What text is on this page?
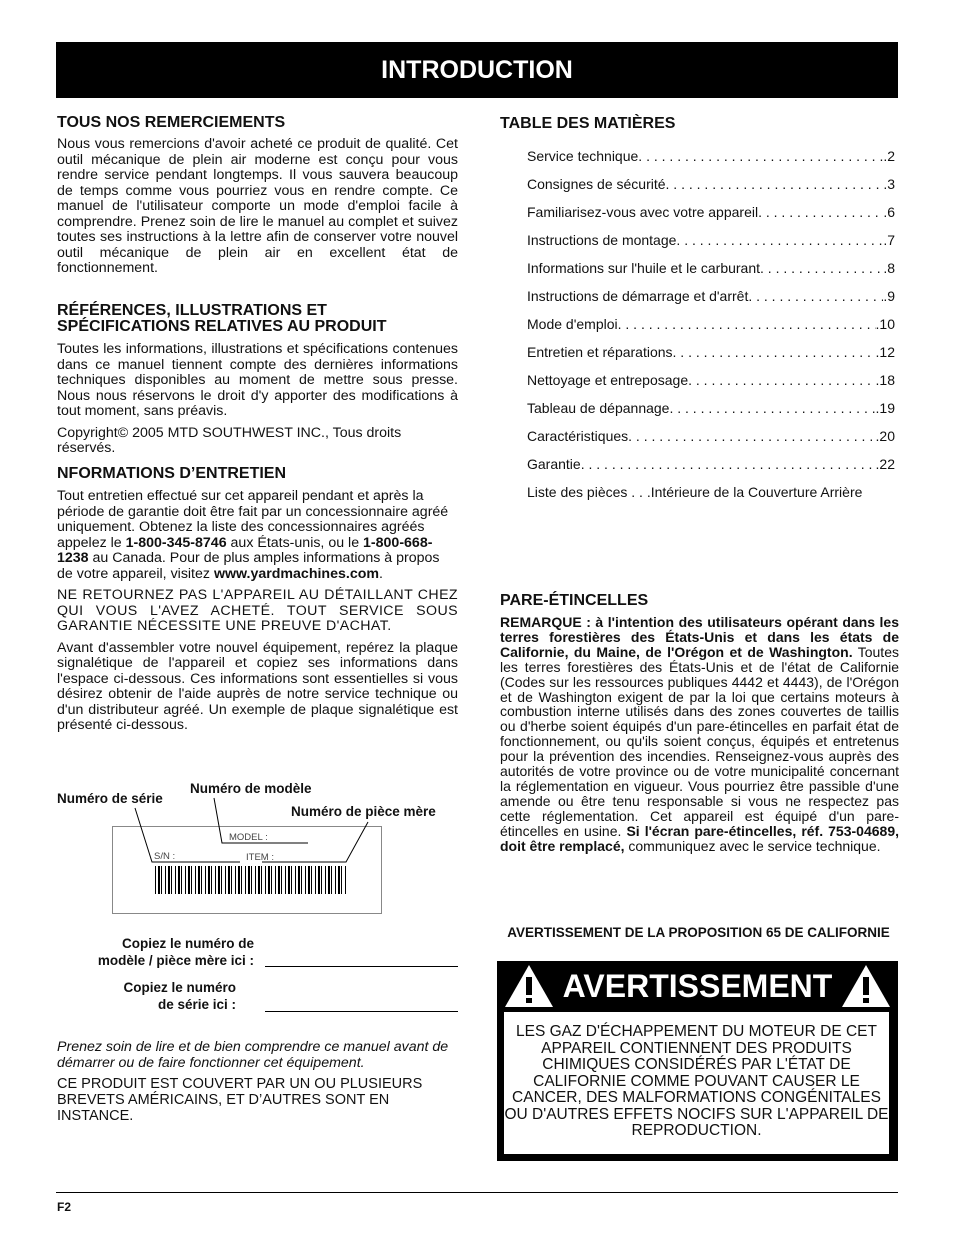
INTRODUCTION
TOUS NOS REMERCIEMENTS

Nous vous remercions d'avoir acheté ce produit de qualité. Cet outil mécanique de plein air moderne est conçu pour vous rendre service pendant longtemps. Il vous sauvera beaucoup de temps comme vous pourriez vous en rendre compte. Ce manuel de l'utilisateur comporte un mode d'emploi facile à comprendre. Prenez soin de lire le manuel au complet et suivez toutes ses instructions à la lettre afin de conserver votre nouvel outil mécanique de plein air en excellent état de fonctionnement.

RÉFÉRENCES, ILLUSTRATIONS ET SPÉCIFICATIONS RELATIVES AU PRODUIT

Toutes les informations, illustrations et spécifications contenues dans ce manuel tiennent compte des dernières informations techniques disponibles au moment de mettre sous presse. Nous nous réservons le droit d'y apporter des modifications à tout moment, sans préavis.

Copyright© 2005 MTD SOUTHWEST INC., Tous droits réservés.

NFORMATIONS D’ENTRETIEN

Tout entretien effectué sur cet appareil pendant et après la période de garantie doit être fait par un concessionnaire agréé uniquement. Obtenez la liste des concessionnaires agréés appelez le 1-800-345-8746 aux États-unis, ou le 1-800-668-1238 au Canada. Pour de plus amples informations à propos de votre appareil, visitez www.yardmachines.com.

NE RETOURNEZ PAS L'APPAREIL AU DÉTAILLANT CHEZ QUI VOUS L'AVEZ ACHETÉ. TOUT SERVICE SOUS GARANTIE NÉCESSITE UNE PREUVE D'ACHAT.

Avant d'assembler votre nouvel équipement, repérez la plaque signalétique de l'appareil et copiez ses informations dans l'espace ci-dessous. Ces informations sont essentielles si vous désirez obtenir de l'aide auprès de notre service technique ou d'un distributeur agréé. Un exemple de plaque signalétique est présenté ci-dessous.

Numéro de série
Numéro de modèle
Numéro de pièce mère
MODEL :
S/N :	ITEM :
Copiez le numéro de
modèle / pièce mère ici :
Copiez le numéro
de série ici :
Prenez soin de lire et de bien comprendre ce manuel avant de démarrer ou de faire fonctionner cet équipement.
CE PRODUIT EST COUVERT PAR UN OU PLUSIEURS BREVETS AMÉRICAINS, ET D’AUTRES SONT EN INSTANCE.
TABLE DES MATIÈRES
Service technique . . .	.2
Consignes de sécurité . . .	.3
Familiarisez-vous avec votre appareil . . .	.6
Instructions de montage . . .	.7
Informations sur l'huile et le carburant . . .	.8
Instructions de démarrage et d'arrêt . . .	.9
Mode d'emploi . . .	.10
Entretien et réparations . . .	.12
Nettoyage et entreposage . . .	.18
Tableau de dépannage . . .	.19
Caractéristiques . . .	.20
Garantie . . .	.22
Liste des pièces . . .Intérieure de la Couverture Arrière
PARE-ÉTINCELLES

REMARQUE : à l'intention des utilisateurs opérant dans les terres forestières des États-Unis et dans les états de Californie, du Maine, de l'Orégon et de Washington. Toutes les terres forestières des États-Unis et de l'état de Californie (Codes sur les ressources publiques 4442 et 4443), de l'Orégon et de Washington exigent de par la loi que certains moteurs à combustion interne utilisés dans des zones couvertes de taillis ou d'herbe soient équipés d'un pare-étincelles en parfait état de fonctionnement, ou qu'ils soient conçus, équipés et entretenus pour la prévention des incendies. Renseignez-vous auprès des autorités de votre province ou de votre municipalité concernant la réglementation en vigueur. Vous pourriez être passible d'une amende ou être tenu responsable si vous ne respectez pas cette réglementation. Cet appareil est équipé d'un pare-étincelles en usine. Si l'écran pare-étincelles, réf. 753-04689, doit être remplacé, communiquez avec le service technique.

AVERTISSEMENT DE LA PROPOSITION 65 DE CALIFORNIE
AVERTISSEMENT
LES GAZ D'ÉCHAPPEMENT DU MOTEUR DE CET APPAREIL CONTIENNENT DES PRODUITS CHIMIQUES CONSIDÉRÉS PAR L'ÉTAT DE CALIFORNIE COMME POUVANT CAUSER LE CANCER, DES MALFORMATIONS CONGÉNITALES OU D'AUTRES EFFETS NOCIFS SUR L'APPAREIL DE REPRODUCTION.
F2
